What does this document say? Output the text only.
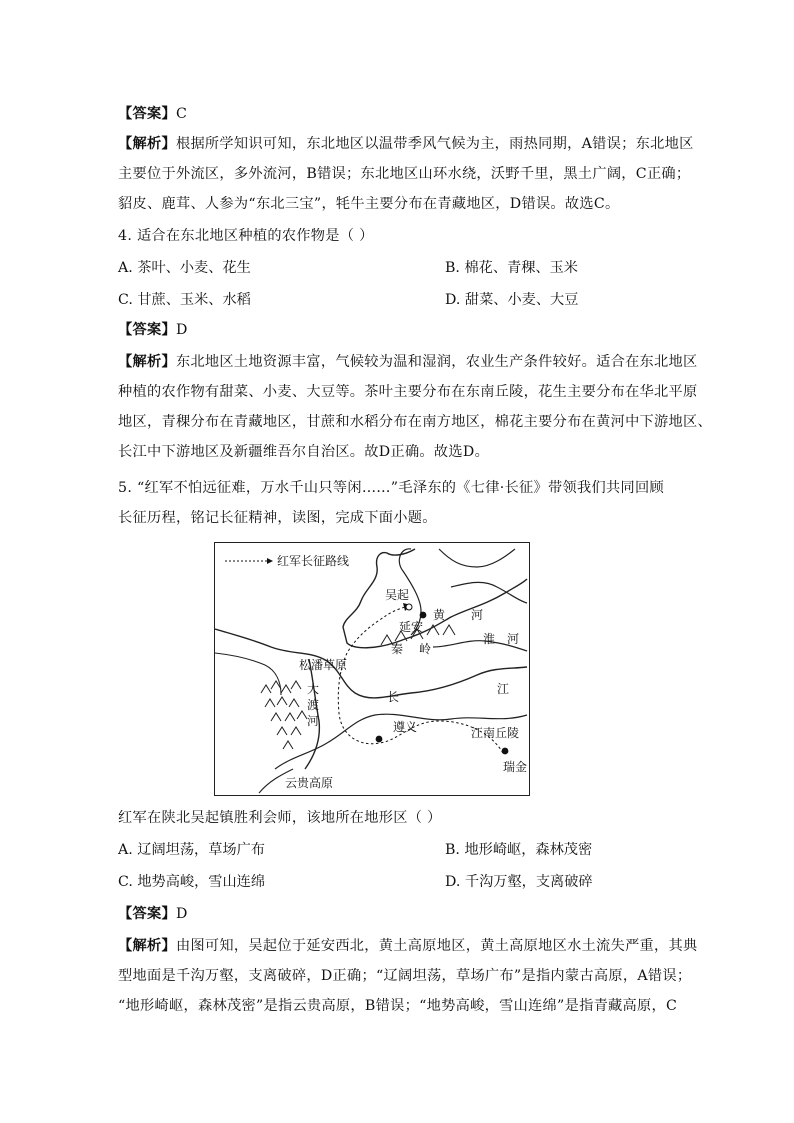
【答案】C
【解析】根据所学知识可知，东北地区以温带季风气候为主，雨热同期，A错误；东北地区
主要位于外流区，多外流河，B错误；东北地区山环水绕，沃野千里，黑土广阔，C正确；
貂皮、鹿茸、人参为“东北三宝”，牦牛主要分布在青藏地区，D错误。故选C。
4. 适合在东北地区种植的农作物是（ ）
A. 茶叶、小麦、花生	B. 棉花、青稞、玉米
C. 甘蔗、玉米、水稻	D. 甜菜、小麦、大豆
【答案】D
【解析】东北地区土地资源丰富，气候较为温和湿润，农业生产条件较好。适合在东北地区
种植的农作物有甜菜、小麦、大豆等。茶叶主要分布在东南丘陵，花生主要分布在华北平原
地区，青稞分布在青藏地区，甘蔗和水稻分布在南方地区，棉花主要分布在黄河中下游地区、
长江中下游地区及新疆维吾尔自治区。故D正确。故选D。
5. “红军不怕远征难，万水千山只等闲……”毛泽东的《七律·长征》带领我们共同回顾
长征历程，铭记长征精神，读图，完成下面小题。
红军长征路线
吴起
延安
黄 河
秦 岭
淮 河
松潘草原
大
渡
河
长
江
遵义	江南丘陵
瑞金
云贵高原
红军在陕北吴起镇胜利会师，该地所在地形区（ ）
A. 辽阔坦荡，草场广布	B. 地形崎岖，森林茂密
C. 地势高峻，雪山连绵	D. 千沟万壑，支离破碎
【答案】D
【解析】由图可知，吴起位于延安西北，黄土高原地区，黄土高原地区水土流失严重，其典
型地面是千沟万壑，支离破碎，D正确；“辽阔坦荡，草场广布”是指内蒙古高原，A错误；
“地形崎岖，森林茂密”是指云贵高原，B错误；“地势高峻，雪山连绵”是指青藏高原，C
